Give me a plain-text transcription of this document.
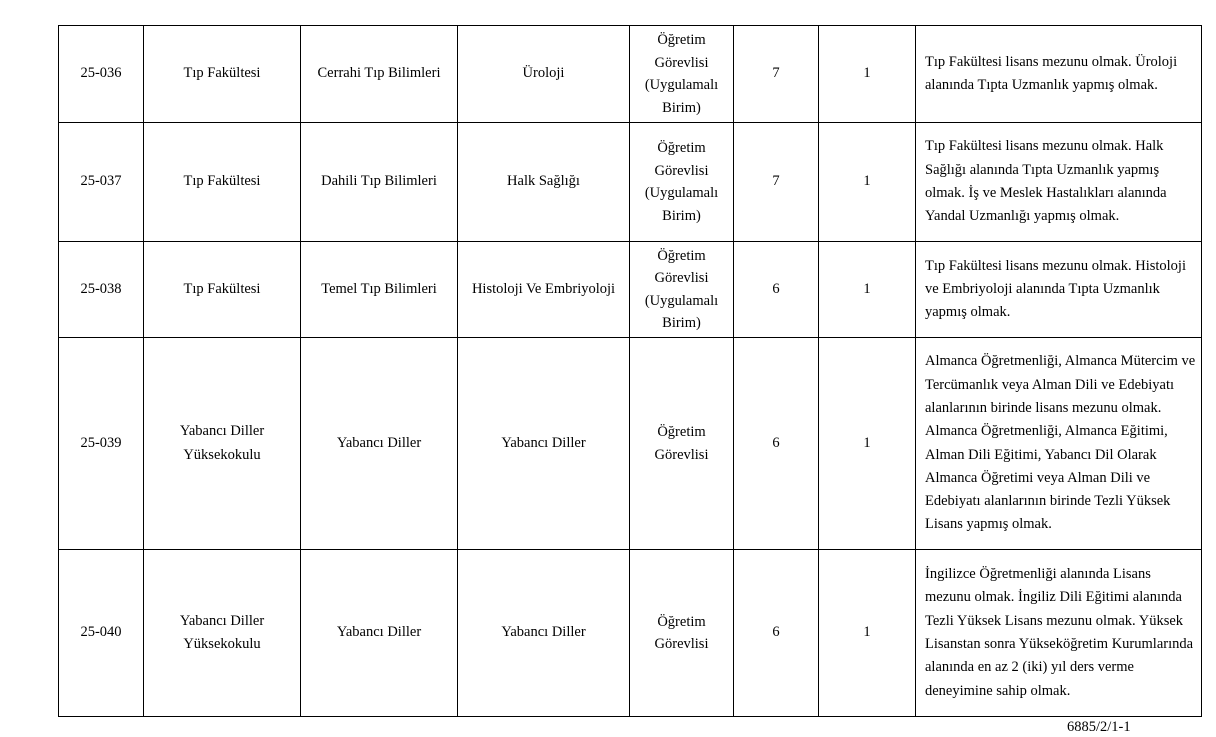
25-036	Tıp Fakültesi	Cerrahi Tıp Bilimleri	Üroloji	Öğretim Görevlisi (Uygulamalı Birim)	7	1	Tıp Fakültesi lisans mezunu olmak. Üroloji alanında Tıpta Uzmanlık yapmış olmak.
25-037	Tıp Fakültesi	Dahili Tıp Bilimleri	Halk Sağlığı	Öğretim Görevlisi (Uygulamalı Birim)	7	1	Tıp Fakültesi lisans mezunu olmak. Halk Sağlığı alanında Tıpta Uzmanlık yapmış olmak. İş ve Meslek Hastalıkları alanında Yandal Uzmanlığı yapmış olmak.
25-038	Tıp Fakültesi	Temel Tıp Bilimleri	Histoloji Ve Embriyoloji	Öğretim Görevlisi (Uygulamalı Birim)	6	1	Tıp Fakültesi lisans mezunu olmak. Histoloji ve Embriyoloji alanında Tıpta Uzmanlık yapmış olmak.
25-039	Yabancı Diller Yüksekokulu	Yabancı Diller	Yabancı Diller	Öğretim Görevlisi	6	1	Almanca Öğretmenliği, Almanca Mütercim ve Tercümanlık veya Alman Dili ve Edebiyatı alanlarının birinde lisans mezunu olmak. Almanca Öğretmenliği, Almanca Eğitimi, Alman Dili Eğitimi, Yabancı Dil Olarak Almanca Öğretimi veya Alman Dili ve Edebiyatı alanlarının birinde Tezli Yüksek Lisans yapmış olmak.
25-040	Yabancı Diller Yüksekokulu	Yabancı Diller	Yabancı Diller	Öğretim Görevlisi	6	1	İngilizce Öğretmenliği alanında Lisans mezunu olmak. İngiliz Dili Eğitimi alanında Tezli Yüksek Lisans mezunu olmak. Yüksek Lisanstan sonra Yükseköğretim Kurumlarında alanında en az 2 (iki) yıl ders verme deneyimine sahip olmak.
6885/2/1-1
